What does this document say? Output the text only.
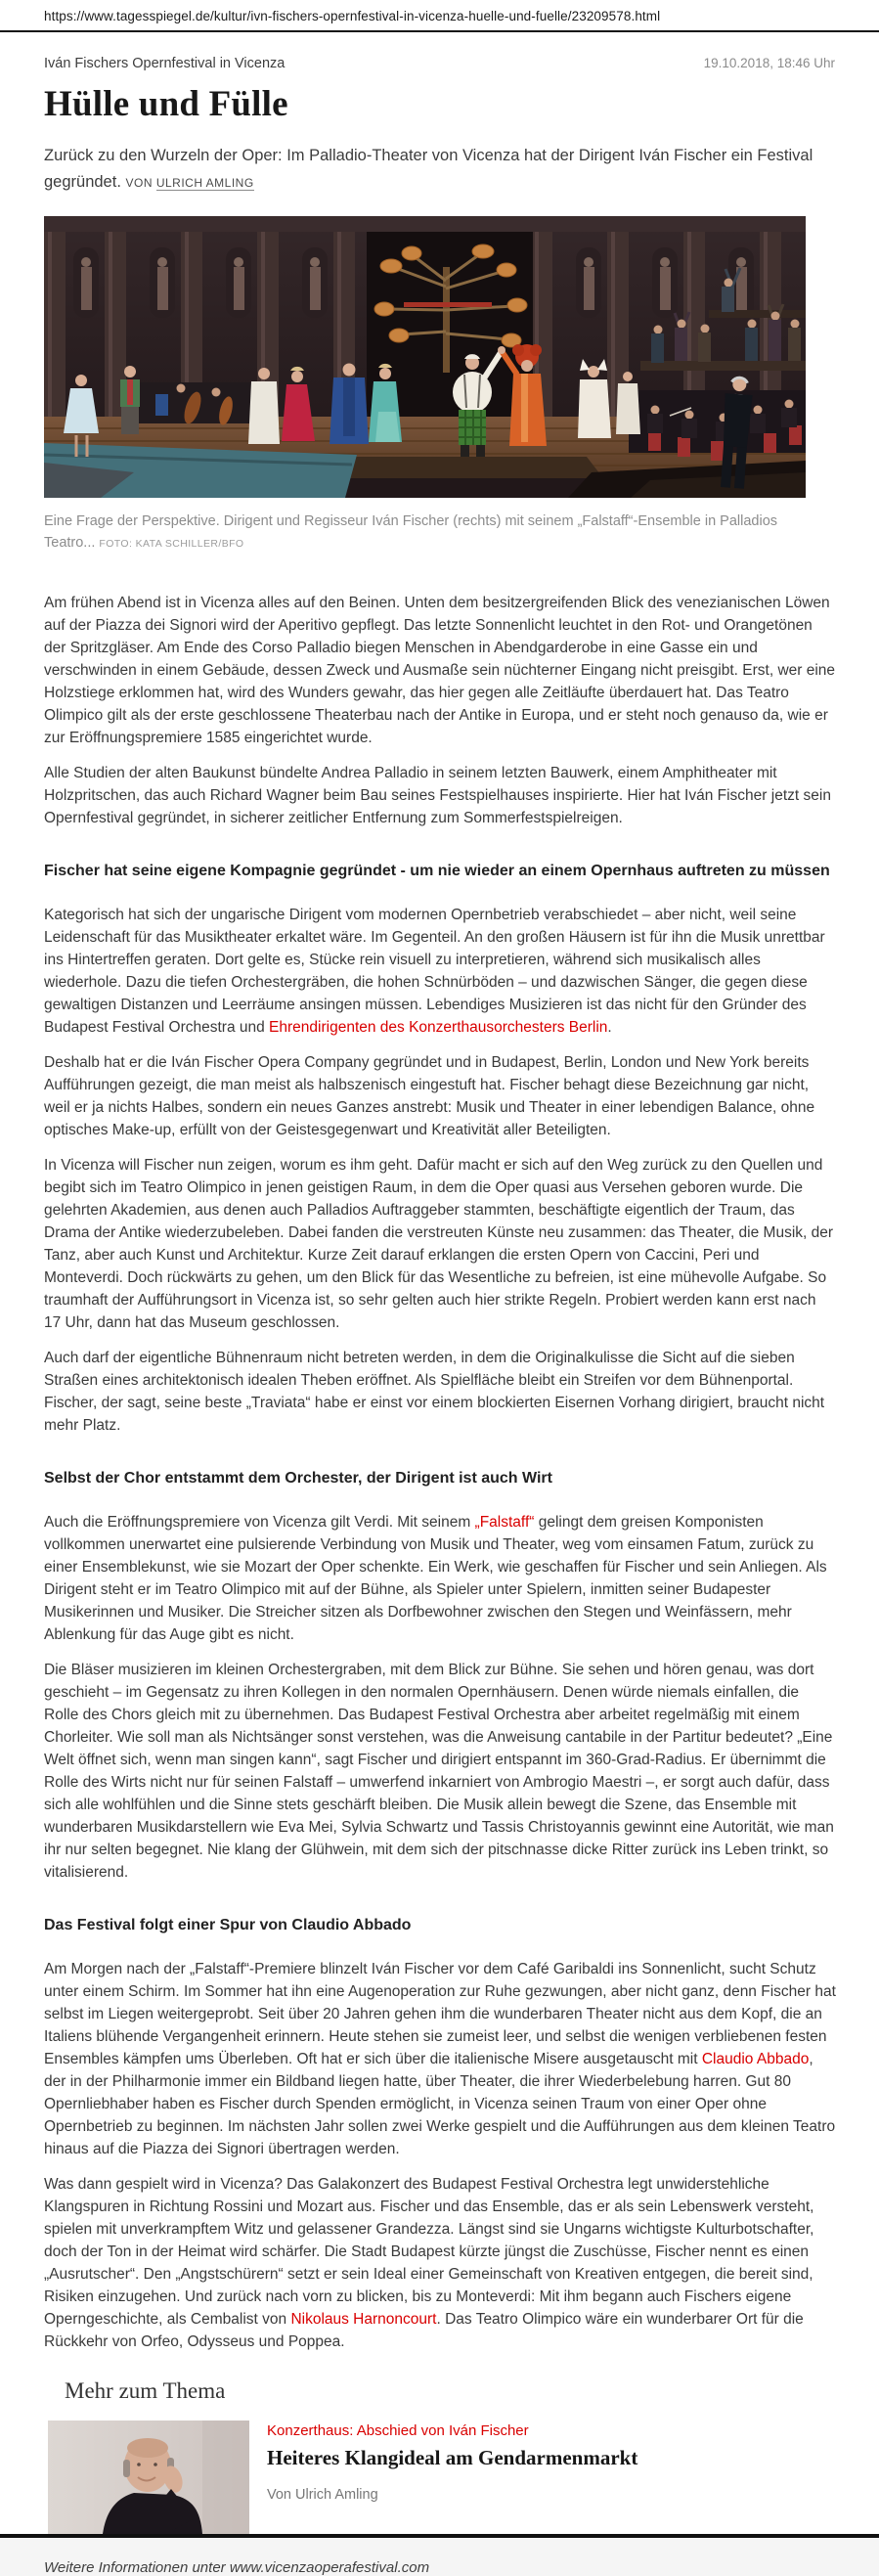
https://www.tagesspiegel.de/kultur/ivn-fischers-opernfestival-in-vicenza-huelle-und-fuelle/23209578.html
Iván Fischers Opernfestival in Vicenza	19.10.2018, 18:46 Uhr
Hülle und Fülle

Zurück zu den Wurzeln der Oper: Im Palladio-Theater von Vicenza hat der Dirigent Iván Fischer ein Festival gegründet. VON ULRICH AMLING

Eine Frage der Perspektive. Dirigent und Regisseur Iván Fischer (rechts) mit seinem „Falstaff“-Ensemble in Palladios Teatro... FOTO: KATA SCHILLER/BFO

Am frühen Abend ist in Vicenza alles auf den Beinen. Unten dem besitzergreifenden Blick des venezianischen Löwen auf der Piazza dei Signori wird der Aperitivo gepflegt. Das letzte Sonnenlicht leuchtet in den Rot- und Orangetönen der Spritzgläser. Am Ende des Corso Palladio biegen Menschen in Abendgarderobe in eine Gasse ein und verschwinden in einem Gebäude, dessen Zweck und Ausmaße sein nüchterner Eingang nicht preisgibt. Erst, wer eine Holzstiege erklommen hat, wird des Wunders gewahr, das hier gegen alle Zeitläufte überdauert hat. Das Teatro Olimpico gilt als der erste geschlossene Theaterbau nach der Antike in Europa, und er steht noch genauso da, wie er zur Eröffnungspremiere 1585 eingerichtet wurde.

Alle Studien der alten Baukunst bündelte Andrea Palladio in seinem letzten Bauwerk, einem Amphitheater mit Holzpritschen, das auch Richard Wagner beim Bau seines Festspielhauses inspirierte. Hier hat Iván Fischer jetzt sein Opernfestival gegründet, in sicherer zeitlicher Entfernung zum Sommerfestspielreigen.

Fischer hat seine eigene Kompagnie gegründet - um nie wieder an einem Opernhaus auftreten zu müssen

Kategorisch hat sich der ungarische Dirigent vom modernen Opernbetrieb verabschiedet – aber nicht, weil seine Leidenschaft für das Musiktheater erkaltet wäre. Im Gegenteil. An den großen Häusern ist für ihn die Musik unrettbar ins Hintertreffen geraten. Dort gelte es, Stücke rein visuell zu interpretieren, während sich musikalisch alles wiederhole. Dazu die tiefen Orchestergräben, die hohen Schnürböden – und dazwischen Sänger, die gegen diese gewaltigen Distanzen und Leerräume ansingen müssen. Lebendiges Musizieren ist das nicht für den Gründer des Budapest Festival Orchestra und Ehrendirigenten des Konzerthausorchesters Berlin.

Deshalb hat er die Iván Fischer Opera Company gegründet und in Budapest, Berlin, London und New York bereits Aufführungen gezeigt, die man meist als halbszenisch eingestuft hat. Fischer behagt diese Bezeichnung gar nicht, weil er ja nichts Halbes, sondern ein neues Ganzes anstrebt: Musik und Theater in einer lebendigen Balance, ohne optisches Make-up, erfüllt von der Geistesgegenwart und Kreativität aller Beteiligten.

In Vicenza will Fischer nun zeigen, worum es ihm geht. Dafür macht er sich auf den Weg zurück zu den Quellen und begibt sich im Teatro Olimpico in jenen geistigen Raum, in dem die Oper quasi aus Versehen geboren wurde. Die gelehrten Akademien, aus denen auch Palladios Auftraggeber stammten, beschäftigte eigentlich der Traum, das Drama der Antike wiederzubeleben. Dabei fanden die verstreuten Künste neu zusammen: das Theater, die Musik, der Tanz, aber auch Kunst und Architektur. Kurze Zeit darauf erklangen die ersten Opern von Caccini, Peri und Monteverdi. Doch rückwärts zu gehen, um den Blick für das Wesentliche zu befreien, ist eine mühevolle Aufgabe. So traumhaft der Aufführungsort in Vicenza ist, so sehr gelten auch hier strikte Regeln. Probiert werden kann erst nach 17 Uhr, dann hat das Museum geschlossen.

Auch darf der eigentliche Bühnenraum nicht betreten werden, in dem die Originalkulisse die Sicht auf die sieben Straßen eines architektonisch idealen Theben eröffnet. Als Spielfläche bleibt ein Streifen vor dem Bühnenportal. Fischer, der sagt, seine beste „Traviata“ habe er einst vor einem blockierten Eisernen Vorhang dirigiert, braucht nicht mehr Platz.

Selbst der Chor entstammt dem Orchester, der Dirigent ist auch Wirt

Auch die Eröffnungspremiere von Vicenza gilt Verdi. Mit seinem „Falstaff“ gelingt dem greisen Komponisten vollkommen unerwartet eine pulsierende Verbindung von Musik und Theater, weg vom einsamen Fatum, zurück zu einer Ensemblekunst, wie sie Mozart der Oper schenkte. Ein Werk, wie geschaffen für Fischer und sein Anliegen. Als Dirigent steht er im Teatro Olimpico mit auf der Bühne, als Spieler unter Spielern, inmitten seiner Budapester Musikerinnen und Musiker. Die Streicher sitzen als Dorfbewohner zwischen den Stegen und Weinfässern, mehr Ablenkung für das Auge gibt es nicht.

Die Bläser musizieren im kleinen Orchestergraben, mit dem Blick zur Bühne. Sie sehen und hören genau, was dort geschieht – im Gegensatz zu ihren Kollegen in den normalen Opernhäusern. Denen würde niemals einfallen, die Rolle des Chors gleich mit zu übernehmen. Das Budapest Festival Orchestra aber arbeitet regelmäßig mit einem Chorleiter. Wie soll man als Nichtsänger sonst verstehen, was die Anweisung cantabile in der Partitur bedeutet? „Eine Welt öffnet sich, wenn man singen kann“, sagt Fischer und dirigiert entspannt im 360-Grad-Radius. Er übernimmt die Rolle des Wirts nicht nur für seinen Falstaff – umwerfend inkarniert von Ambrogio Maestri –, er sorgt auch dafür, dass sich alle wohlfühlen und die Sinne stets geschärft bleiben. Die Musik allein bewegt die Szene, das Ensemble mit wunderbaren Musikdarstellern wie Eva Mei, Sylvia Schwartz und Tassis Christoyannis gewinnt eine Autorität, wie man ihr nur selten begegnet. Nie klang der Glühwein, mit dem sich der pitschnasse dicke Ritter zurück ins Leben trinkt, so vitalisierend.

Das Festival folgt einer Spur von Claudio Abbado

Am Morgen nach der „Falstaff“-Premiere blinzelt Iván Fischer vor dem Café Garibaldi ins Sonnenlicht, sucht Schutz unter einem Schirm. Im Sommer hat ihn eine Augenoperation zur Ruhe gezwungen, aber nicht ganz, denn Fischer hat selbst im Liegen weitergeprobt. Seit über 20 Jahren gehen ihm die wunderbaren Theater nicht aus dem Kopf, die an Italiens blühende Vergangenheit erinnern. Heute stehen sie zumeist leer, und selbst die wenigen verbliebenen festen Ensembles kämpfen ums Überleben. Oft hat er sich über die italienische Misere ausgetauscht mit Claudio Abbado, der in der Philharmonie immer ein Bildband liegen hatte, über Theater, die ihrer Wiederbelebung harren. Gut 80 Opernliebhaber haben es Fischer durch Spenden ermöglicht, in Vicenza seinen Traum von einer Oper ohne Opernbetrieb zu beginnen. Im nächsten Jahr sollen zwei Werke gespielt und die Aufführungen aus dem kleinen Teatro hinaus auf die Piazza dei Signori übertragen werden.

Was dann gespielt wird in Vicenza? Das Galakonzert des Budapest Festival Orchestra legt unwiderstehliche Klangspuren in Richtung Rossini und Mozart aus. Fischer und das Ensemble, das er als sein Lebenswerk versteht, spielen mit unverkrampftem Witz und gelassener Grandezza. Längst sind sie Ungarns wichtigste Kulturbotschafter, doch der Ton in der Heimat wird schärfer. Die Stadt Budapest kürzte jüngst die Zuschüsse, Fischer nennt es einen „Ausrutscher“. Den „Angstschürern“ setzt er sein Ideal einer Gemeinschaft von Kreativen entgegen, die bereit sind, Risiken einzugehen. Und zurück nach vorn zu blicken, bis zu Monteverdi: Mit ihm begann auch Fischers eigene Operngeschichte, als Cembalist von Nikolaus Harnoncourt. Das Teatro Olimpico wäre ein wunderbarer Ort für die Rückkehr von Orfeo, Odysseus und Poppea.

Mehr zum Thema
Konzerthaus: Abschied von Iván Fischer
Heiteres Klangideal am Gendarmenmarkt
Von Ulrich Amling
Weitere Informationen unter www.vicenzaoperafestival.com
